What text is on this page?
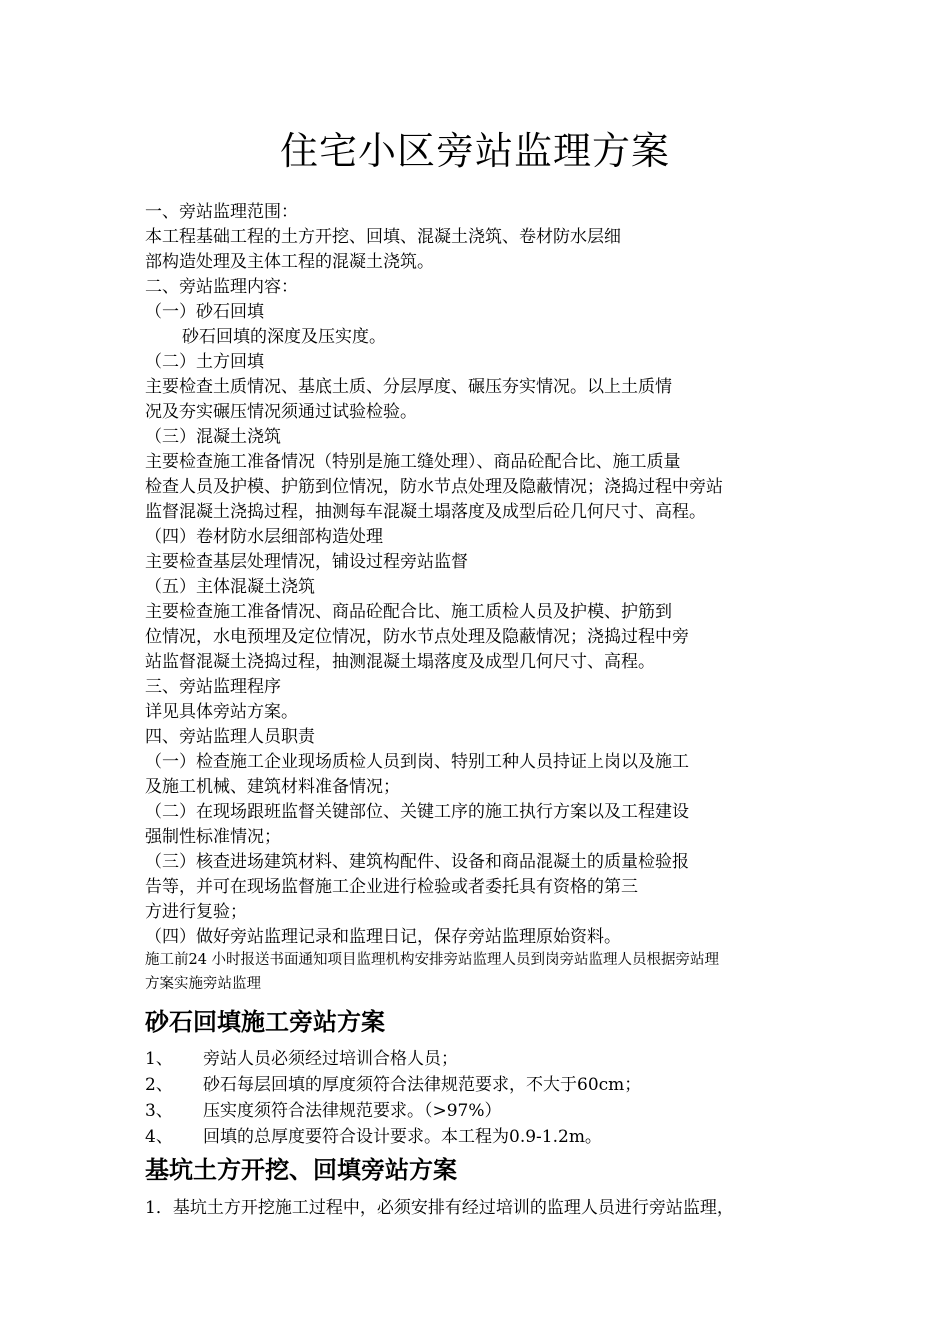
住宅小区旁站监理方案
一、旁站监理范围：
本工程基础工程的土方开挖、回填、混凝土浇筑、卷材防水层细
部构造处理及主体工程的混凝土浇筑。
二、旁站监理内容：
（一）砂石回填
砂石回填的深度及压实度。
（二）土方回填
主要检查土质情况、基底土质、分层厚度、碾压夯实情况。以上土质情
况及夯实碾压情况须通过试验检验。
（三）混凝土浇筑
主要检查施工准备情况（特别是施工缝处理）、商品砼配合比、施工质量
检查人员及护模、护筋到位情况，防水节点处理及隐蔽情况；浇捣过程中旁站
监督混凝土浇捣过程，抽测每车混凝土塌落度及成型后砼几何尺寸、高程。
（四）卷材防水层细部构造处理
主要检查基层处理情况，铺设过程旁站监督
（五）主体混凝土浇筑
主要检查施工准备情况、商品砼配合比、施工质检人员及护模、护筋到
位情况，水电预埋及定位情况，防水节点处理及隐蔽情况；浇捣过程中旁
站监督混凝土浇捣过程，抽测混凝土塌落度及成型几何尺寸、高程。
三、旁站监理程序
详见具体旁站方案。
四、旁站监理人员职责
（一）检查施工企业现场质检人员到岗、特别工种人员持证上岗以及施工
及施工机械、建筑材料准备情况；
（二）在现场跟班监督关键部位、关键工序的施工执行方案以及工程建设
强制性标准情况；
（三）核查进场建筑材料、建筑构配件、设备和商品混凝土的质量检验报
告等，并可在现场监督施工企业进行检验或者委托具有资格的第三
方进行复验；
（四）做好旁站监理记录和监理日记，保存旁站监理原始资料。
施工前24 小时报送书面通知项目监理机构安排旁站监理人员到岗旁站监理人员根据旁站理
方案实施旁站监理
砂石回填施工旁站方案
1、 旁站人员必须经过培训合格人员；
2、 砂石每层回填的厚度须符合法律规范要求，不大于60cm；
3、 压实度须符合法律规范要求。（>97%）
4、 回填的总厚度要符合设计要求。本工程为0.9-1.2m。
基坑土方开挖、回填旁站方案
1．基坑土方开挖施工过程中，必须安排有经过培训的监理人员进行旁站监理，
